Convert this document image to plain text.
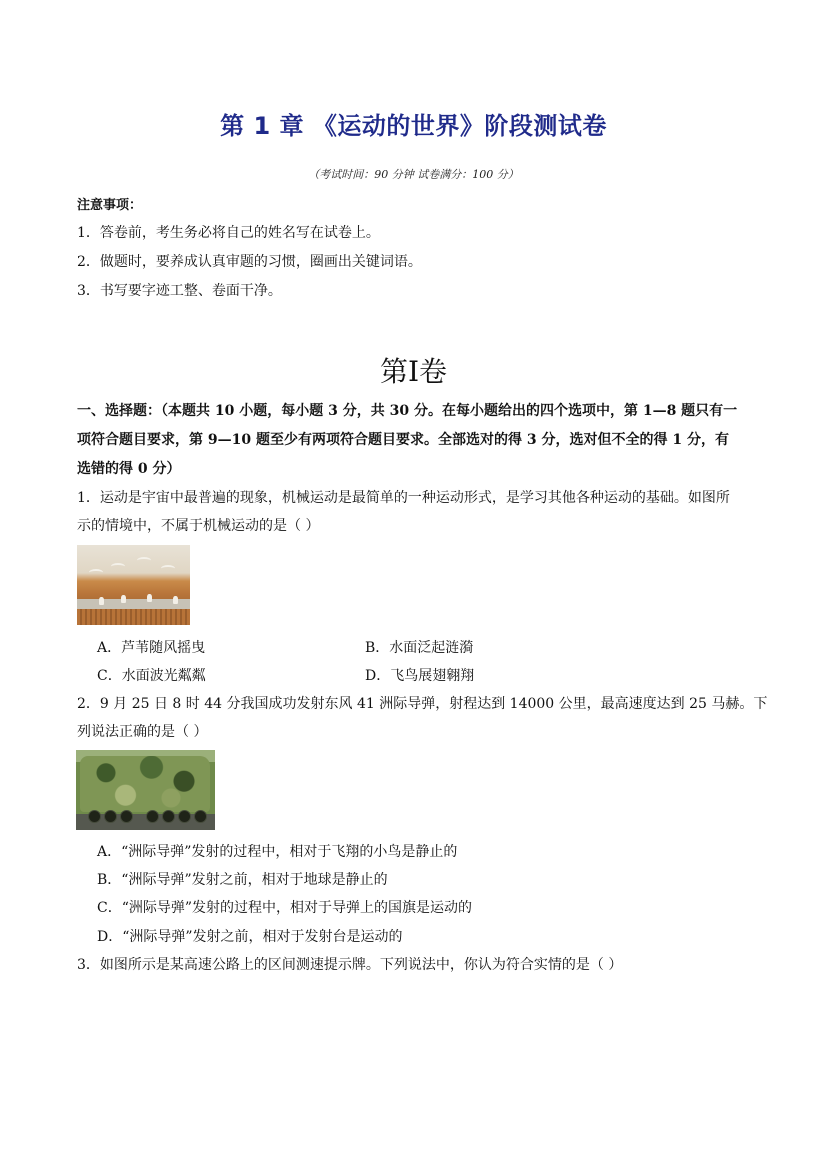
第 1 章 《运动的世界》阶段测试卷
（考试时间：90 分钟 试卷满分：100 分）
注意事项：
1．答卷前，考生务必将自己的姓名写在试卷上。
2．做题时，要养成认真审题的习惯，圈画出关键词语。
3．书写要字迹工整、卷面干净。
第I卷
一、选择题：（本题共 10 小题，每小题 3 分，共 30 分。在每小题给出的四个选项中，第 1—8 题只有一
项符合题目要求，第 9—10 题至少有两项符合题目要求。全部选对的得 3 分，选对但不全的得 1 分，有
选错的得 0 分）
1．运动是宇宙中最普遍的现象，机械运动是最简单的一种运动形式，是学习其他各种运动的基础。如图所
示的情境中，不属于机械运动的是（ ）
A．芦苇随风摇曳	B．水面泛起涟漪
C．水面波光粼粼	D．飞鸟展翅翱翔
2．9 月 25 日 8 时 44 分我国成功发射东风 41 洲际导弹，射程达到 14000 公里，最高速度达到 25 马赫。下
列说法正确的是（ ）
A．“洲际导弹”发射的过程中，相对于飞翔的小鸟是静止的
B．“洲际导弹”发射之前，相对于地球是静止的
C．“洲际导弹”发射的过程中，相对于导弹上的国旗是运动的
D．“洲际导弹”发射之前，相对于发射台是运动的
3．如图所示是某高速公路上的区间测速提示牌。下列说法中，你认为符合实情的是（ ）
